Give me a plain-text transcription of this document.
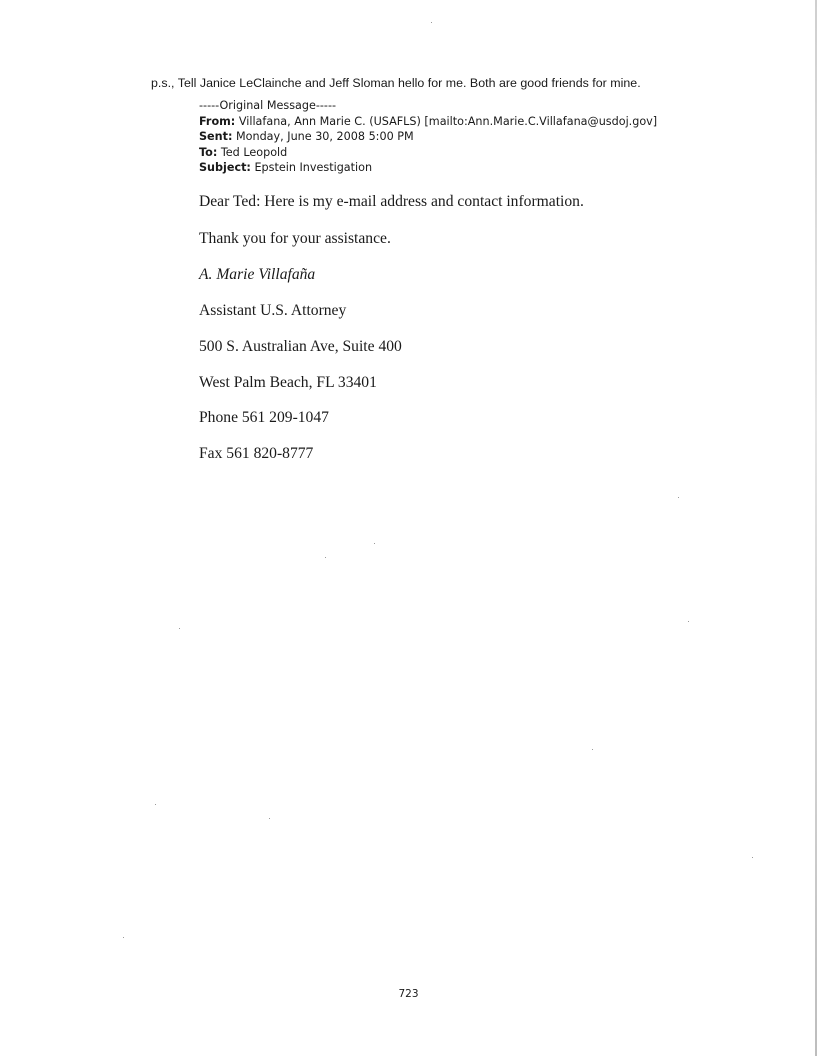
p.s., Tell Janice LeClainche and Jeff Sloman hello for me. Both are good friends for mine.
-----Original Message-----
From: Villafana, Ann Marie C. (USAFLS) [mailto:Ann.Marie.C.Villafana@usdoj.gov]
Sent: Monday, June 30, 2008 5:00 PM
To: Ted Leopold
Subject: Epstein Investigation
Dear Ted: Here is my e-mail address and contact information.
Thank you for your assistance.
A. Marie Villafaña
Assistant U.S. Attorney
500 S. Australian Ave, Suite 400
West Palm Beach, FL 33401
Phone 561 209-1047
Fax 561 820-8777
723
